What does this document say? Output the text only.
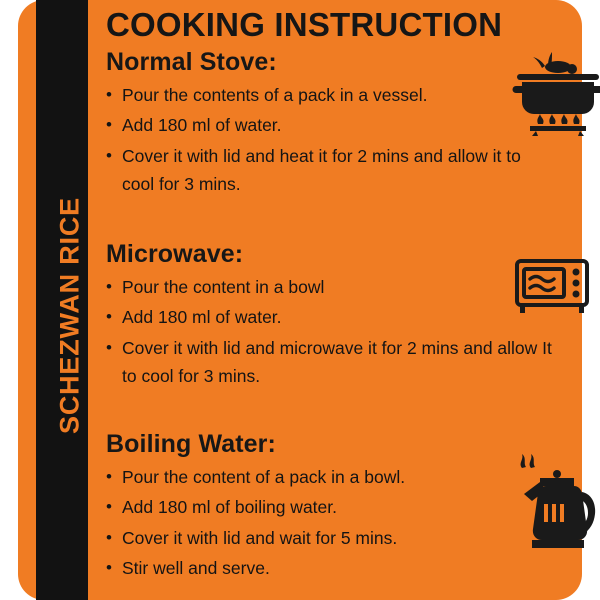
SCHEZWAN RICE
COOKING INSTRUCTION
Normal Stove:
• Pour the contents of a pack in a vessel.
• Add 180 ml of water.
• Cover it with lid and heat it for 2 mins and allow it to cool for 3 mins.
Microwave:
• Pour the content in a bowl
• Add 180 ml of water.
• Cover it with lid and microwave it for 2 mins and allow It to cool for 3 mins.
Boiling Water:
• Pour the content of a pack in a bowl.
• Add 180 ml of boiling water.
• Cover it with lid and wait for 5 mins.
• Stir well and serve.
